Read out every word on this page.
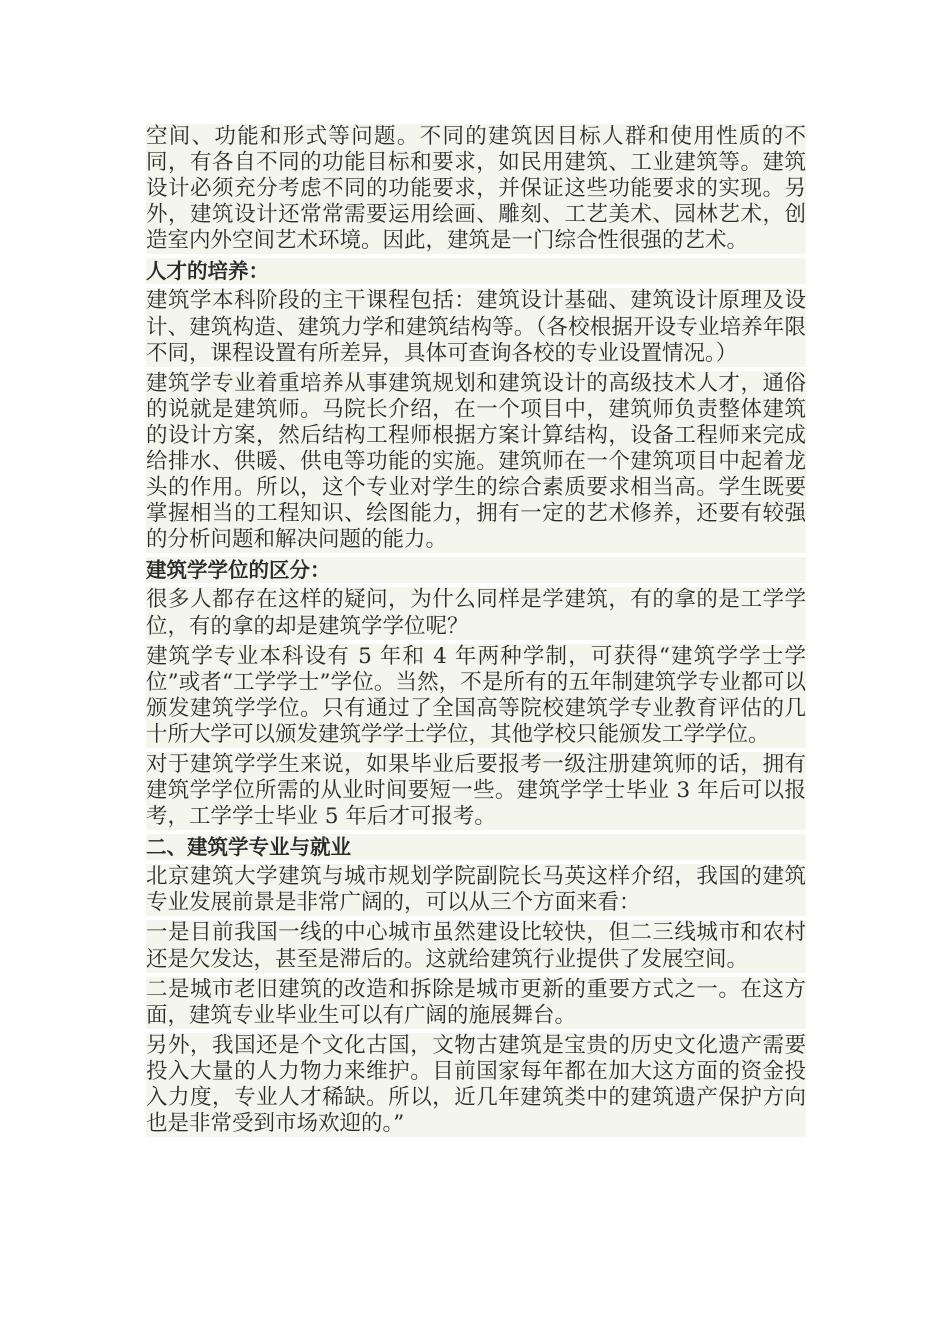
空间、功能和形式等问题。不同的建筑因目标人群和使用性质的不同，有各自不同的功能目标和要求，如民用建筑、工业建筑等。建筑设计必须充分考虑不同的功能要求，并保证这些功能要求的实现。另外，建筑设计还常常需要运用绘画、雕刻、工艺美术、园林艺术，创造室内外空间艺术环境。因此，建筑是一门综合性很强的艺术。

人才的培养：

建筑学本科阶段的主干课程包括：建筑设计基础、建筑设计原理及设计、建筑构造、建筑力学和建筑结构等。（各校根据开设专业培养年限不同，课程设置有所差异，具体可查询各校的专业设置情况。）

建筑学专业着重培养从事建筑规划和建筑设计的高级技术人才，通俗的说就是建筑师。马院长介绍，在一个项目中，建筑师负责整体建筑的设计方案，然后结构工程师根据方案计算结构，设备工程师来完成给排水、供暖、供电等功能的实施。建筑师在一个建筑项目中起着龙头的作用。所以，这个专业对学生的综合素质要求相当高。学生既要掌握相当的工程知识、绘图能力，拥有一定的艺术修养，还要有较强的分析问题和解决问题的能力。

建筑学学位的区分：

很多人都存在这样的疑问，为什么同样是学建筑，有的拿的是工学学位，有的拿的却是建筑学学位呢？

建筑学专业本科设有 5 年和 4 年两种学制，可获得“建筑学学士学位”或者“工学学士”学位。当然，不是所有的五年制建筑学专业都可以颁发建筑学学位。只有通过了全国高等院校建筑学专业教育评估的几十所大学可以颁发建筑学学士学位，其他学校只能颁发工学学位。

对于建筑学学生来说，如果毕业后要报考一级注册建筑师的话，拥有建筑学学位所需的从业时间要短一些。建筑学学士毕业 3 年后可以报考，工学学士毕业 5 年后才可报考。

二、建筑学专业与就业

北京建筑大学建筑与城市规划学院副院长马英这样介绍，我国的建筑专业发展前景是非常广阔的，可以从三个方面来看：

一是目前我国一线的中心城市虽然建设比较快，但二三线城市和农村还是欠发达，甚至是滞后的。这就给建筑行业提供了发展空间。

二是城市老旧建筑的改造和拆除是城市更新的重要方式之一。在这方面，建筑专业毕业生可以有广阔的施展舞台。

另外，我国还是个文化古国，文物古建筑是宝贵的历史文化遗产需要投入大量的人力物力来维护。目前国家每年都在加大这方面的资金投入力度，专业人才稀缺。所以，近几年建筑类中的建筑遗产保护方向也是非常受到市场欢迎的。”
